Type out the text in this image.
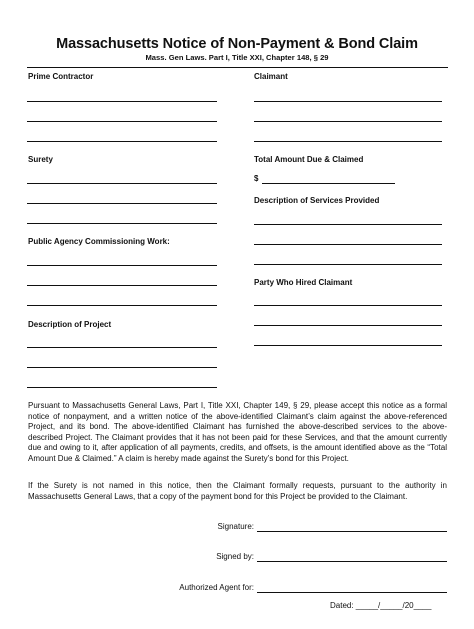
Massachusetts Notice of Non-Payment & Bond Claim
Mass. Gen Laws. Part I, Title XXI, Chapter 148, § 29
Prime Contractor
Surety
Public Agency Commissioning Work:
Description of Project
Claimant
Total Amount Due & Claimed
$
Description of Services Provided
Party Who Hired Claimant
Pursuant to Massachusetts General Laws, Part I, Title XXI, Chapter 149, § 29, please accept this notice as a formal notice of nonpayment, and a written notice of the above-identified Claimant’s claim against the above-referenced Project, and its bond. The above-identified Claimant has furnished the above-described services to the above-described Project. The Claimant provides that it has not been paid for these Services, and that the amount currently due and owing to it, after application of all payments, credits, and offsets, is the amount identified above as the “Total Amount Due & Claimed.” A claim is hereby made against the Surety’s bond for this Project.
If the Surety is not named in this notice, then the Claimant formally requests, pursuant to the authority in Massachusetts General Laws, that a copy of the payment bond for this Project be provided to the Claimant.
Signature:
Signed by:
Authorized Agent for:
Dated: _____/_____/20____
